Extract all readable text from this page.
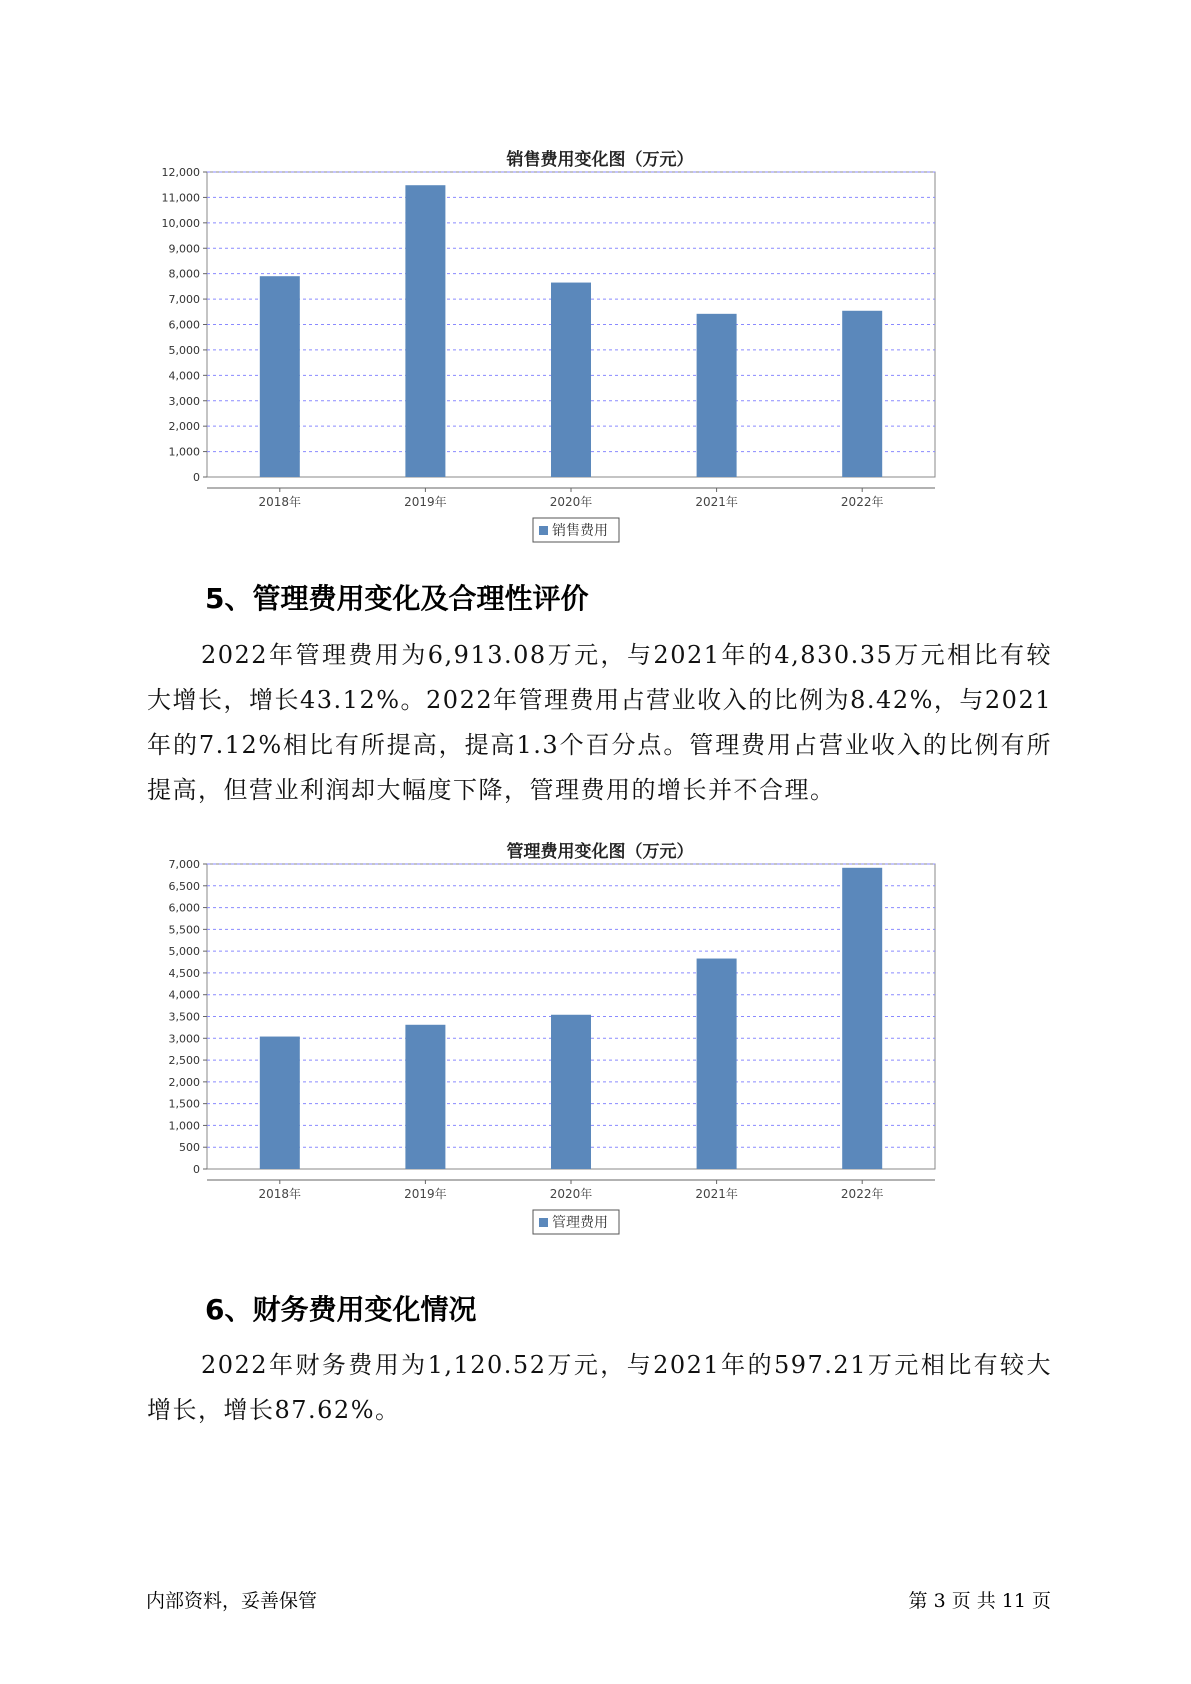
销售费用变化图（万元）
0
1,000
2,000
3,000
4,000
5,000
6,000
7,000
8,000
9,000
10,000
11,000
12,000
2018年	2019年	2020年	2021年	2022年
销售费用
5、管理费用变化及合理性评价

2022年管理费用为6,913.08万元，与2021年的4,830.35万元相比有较大增长，增长43.12%。2022年管理费用占营业收入的比例为8.42%，与2021年的7.12%相比有所提高，提高1.3个百分点。管理费用占营业收入的比例有所提高，但营业利润却大幅度下降，管理费用的增长并不合理。

管理费用变化图（万元）
0
500
1,000
1,500
2,000
2,500
3,000
3,500
4,000
4,500
5,000
5,500
6,000
6,500
7,000
2018年	2019年	2020年	2021年	2022年
管理费用
6、财务费用变化情况

2022年财务费用为1,120.52万元，与2021年的597.21万元相比有较大增长，增长87.62%。

内部资料，妥善保管	第 3 页 共 11 页
